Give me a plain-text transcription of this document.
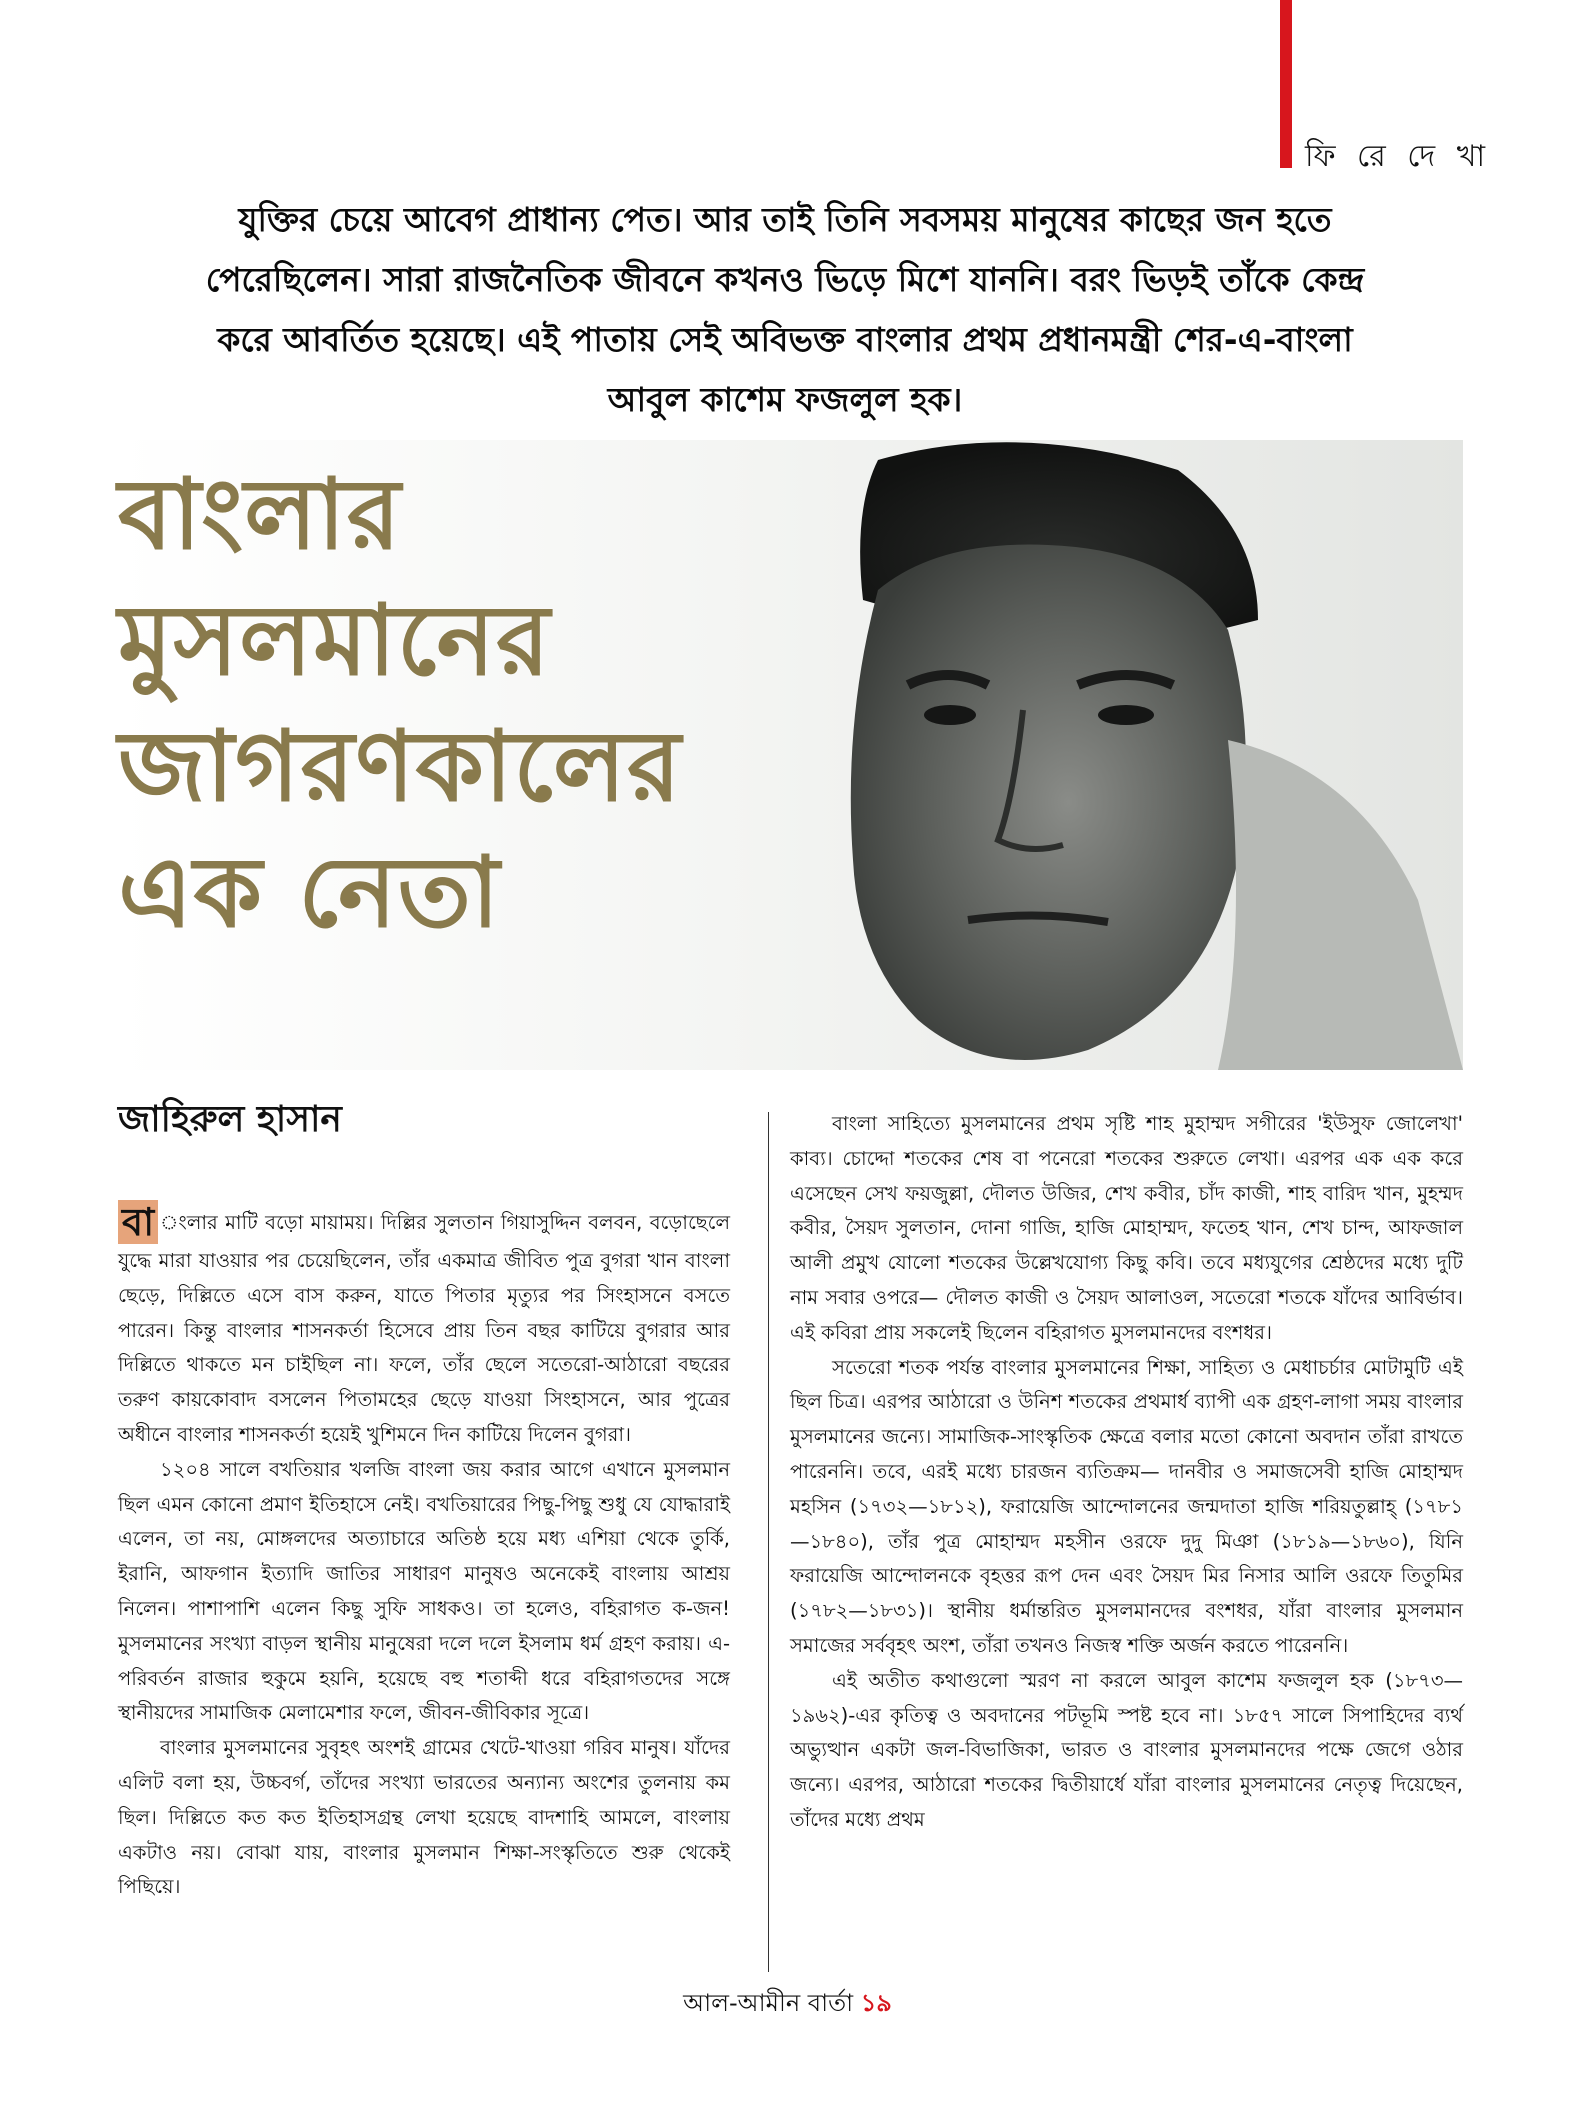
ফি রে দে খা
যুক্তির চেয়ে আবেগ প্রাধান্য পেত। আর তাই তিনি সবসময় মানুষের কাছের জন হতে
পেরেছিলেন। সারা রাজনৈতিক জীবনে কখনও ভিড়ে মিশে যাননি। বরং ভিড়ই তাঁকে কেন্দ্র
করে আবর্তিত হয়েছে। এই পাতায় সেই অবিভক্ত বাংলার প্রথম প্রধানমন্ত্রী শের-এ-বাংলা
আবুল কাশেম ফজলুল হক।
বাংলার
মুসলমানের
জাগরণকালের
এক নেতা
জাহিরুল হাসান

বা ংলার মাটি বড়ো মায়াময়। দিল্লির সুলতান গিয়াসুদ্দিন বলবন, বড়োছেলে যুদ্ধে মারা যাওয়ার পর চেয়েছিলেন, তাঁর একমাত্র জীবিত পুত্র বুগরা খান বাংলা ছেড়ে, দিল্লিতে এসে বাস করুন, যাতে পিতার মৃত্যুর পর সিংহাসনে বসতে পারেন। কিন্তু বাংলার শাসনকর্তা হিসেবে প্রায় তিন বছর কাটিয়ে বুগরার আর দিল্লিতে থাকতে মন চাইছিল না। ফলে, তাঁর ছেলে সতেরো-আঠারো বছরের তরুণ কায়কোবাদ বসলেন পিতামহের ছেড়ে যাওয়া সিংহাসনে, আর পুত্রের অধীনে বাংলার শাসনকর্তা হয়েই খুশিমনে দিন কাটিয়ে দিলেন বুগরা।

১২০৪ সালে বখতিয়ার খলজি বাংলা জয় করার আগে এখানে মুসলমান ছিল এমন কোনো প্রমাণ ইতিহাসে নেই। বখতিয়ারের পিছু-পিছু শুধু যে যোদ্ধারাই এলেন, তা নয়, মোঙ্গলদের অত্যাচারে অতিষ্ঠ হয়ে মধ্য এশিয়া থেকে তুর্কি, ইরানি, আফগান ইত্যাদি জাতির সাধারণ মানুষও অনেকেই বাংলায় আশ্রয় নিলেন। পাশাপাশি এলেন কিছু সুফি সাধকও। তা হলেও, বহিরাগত ক-জন! মুসলমানের সংখ্যা বাড়ল স্থানীয় মানুষেরা দলে দলে ইসলাম ধর্ম গ্রহণ করায়। এ-পরিবর্তন রাজার হুকুমে হয়নি, হয়েছে বহু শতাব্দী ধরে বহিরাগতদের সঙ্গে স্থানীয়দের সামাজিক মেলামেশার ফলে, জীবন-জীবিকার সূত্রে।

বাংলার মুসলমানের সুবৃহৎ অংশই গ্রামের খেটে-খাওয়া গরিব মানুষ। যাঁদের এলিট বলা হয়, উচ্চবর্গ, তাঁদের সংখ্যা ভারতের অন্যান্য অংশের তুলনায় কম ছিল। দিল্লিতে কত কত ইতিহাসগ্রন্থ লেখা হয়েছে বাদশাহি আমলে, বাংলায় একটাও নয়। বোঝা যায়, বাংলার মুসলমান শিক্ষা-সংস্কৃতিতে শুরু থেকেই পিছিয়ে।

বাংলা সাহিত্যে মুসলমানের প্রথম সৃষ্টি শাহ মুহাম্মদ সগীরের 'ইউসুফ জোলেখা' কাব্য। চোদ্দো শতকের শেষ বা পনেরো শতকের শুরুতে লেখা। এরপর এক এক করে এসেছেন সেখ ফয়জুল্লা, দৌলত উজির, শেখ কবীর, চাঁদ কাজী, শাহ বারিদ খান, মুহম্মদ কবীর, সৈয়দ সুলতান, দোনা গাজি, হাজি মোহাম্মদ, ফতেহ খান, শেখ চান্দ, আফজাল আলী প্রমুখ যোলো শতকের উল্লেখযোগ্য কিছু কবি। তবে মধ্যযুগের শ্রেষ্ঠদের মধ্যে দুটি নাম সবার ওপরে— দৌলত কাজী ও সৈয়দ আলাওল, সতেরো শতকে যাঁদের আবির্ভাব। এই কবিরা প্রায় সকলেই ছিলেন বহিরাগত মুসলমানদের বংশধর।

সতেরো শতক পর্যন্ত বাংলার মুসলমানের শিক্ষা, সাহিত্য ও মেধাচর্চার মোটামুটি এই ছিল চিত্র। এরপর আঠারো ও উনিশ শতকের প্রথমার্ধ ব্যাপী এক গ্রহণ-লাগা সময় বাংলার মুসলমানের জন্যে। সামাজিক-সাংস্কৃতিক ক্ষেত্রে বলার মতো কোনো অবদান তাঁরা রাখতে পারেননি। তবে, এরই মধ্যে চারজন ব্যতিক্রম— দানবীর ও সমাজসেবী হাজি মোহাম্মদ মহসিন (১৭৩২—১৮১২), ফরায়েজি আন্দোলনের জন্মদাতা হাজি শরিয়তুল্লাহ্ (১৭৮১—১৮৪০), তাঁর পুত্র মোহাম্মদ মহসীন ওরফে দুদু মিঞা (১৮১৯—১৮৬০), যিনি ফরায়েজি আন্দোলনকে বৃহত্তর রূপ দেন এবং সৈয়দ মির নিসার আলি ওরফে তিতুমির (১৭৮২—১৮৩১)। স্থানীয় ধর্মান্তরিত মুসলমানদের বংশধর, যাঁরা বাংলার মুসলমান সমাজের সর্ববৃহৎ অংশ, তাঁরা তখনও নিজস্ব শক্তি অর্জন করতে পারেননি।

এই অতীত কথাগুলো স্মরণ না করলে আবুল কাশেম ফজলুল হক (১৮৭৩—১৯৬২)-এর কৃতিত্ব ও অবদানের পটভূমি স্পষ্ট হবে না। ১৮৫৭ সালে সিপাহিদের ব্যর্থ অভ্যুত্থান একটা জল-বিভাজিকা, ভারত ও বাংলার মুসলমানদের পক্ষে জেগে ওঠার জন্যে। এরপর, আঠারো শতকের দ্বিতীয়ার্ধে যাঁরা বাংলার মুসলমানের নেতৃত্ব দিয়েছেন, তাঁদের মধ্যে প্রথম

আল-আমীন বার্তা ১৯
